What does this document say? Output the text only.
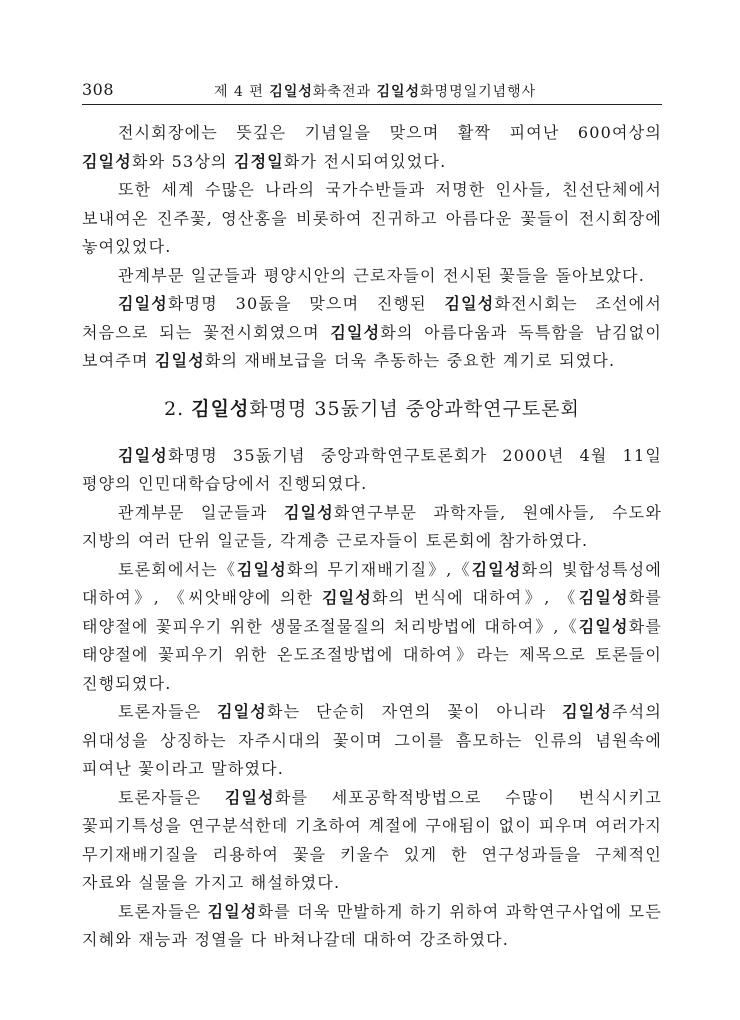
308	제 4 편 김일성화축전과 김일성화명명일기념행사

전시회장에는 뜻깊은 기념일을 맞으며 활짝 피여난 600여상의 김일성화와 53상의 김정일화가 전시되여있었다.

또한 세계 수많은 나라의 국가수반들과 저명한 인사들, 친선단체에서 보내여온 진주꽃, 영산홍을 비롯하여 진귀하고 아름다운 꽃들이 전시회장에 놓여있었다.

관계부문 일군들과 평양시안의 근로자들이 전시된 꽃들을 돌아보았다.

김일성화명명 30돐을 맞으며 진행된 김일성화전시회는 조선에서 처음으로 되는 꽃전시회였으며 김일성화의 아름다움과 독특함을 남김없이 보여주며 김일성화의 재배보급을 더욱 추동하는 중요한 계기로 되였다.

2. 김일성화명명 35돐기념 중앙과학연구토론회

김일성화명명 35돐기념 중앙과학연구토론회가 2000년 4월 11일 평양의 인민대학습당에서 진행되였다.

관계부문 일군들과 김일성화연구부문 과학자들, 원예사들, 수도와 지방의 여러 단위 일군들, 각계층 근로자들이 토론회에 참가하였다.

토론회에서는《김일성화의 무기재배기질》,《김일성화의 빛합성특성에 대하여》, 《씨앗배양에 의한 김일성화의 번식에 대하여》, 《김일성화를 태양절에 꽃피우기 위한 생물조절물질의 처리방법에 대하여》,《김일성화를 태양절에 꽃피우기 위한 온도조절방법에 대하여》라는 제목으로 토론들이 진행되였다.

토론자들은 김일성화는 단순히 자연의 꽃이 아니라 김일성주석의 위대성을 상징하는 자주시대의 꽃이며 그이를 흠모하는 인류의 념원속에 피여난 꽃이라고 말하였다.

토론자들은 김일성화를 세포공학적방법으로 수많이 번식시키고 꽃피기특성을 연구분석한데 기초하여 계절에 구애됨이 없이 피우며 여러가지 무기재배기질을 리용하여 꽃을 키울수 있게 한 연구성과들을 구체적인 자료와 실물을 가지고 해설하였다.

토론자들은 김일성화를 더욱 만발하게 하기 위하여 과학연구사업에 모든 지혜와 재능과 정열을 다 바쳐나갈데 대하여 강조하였다.
